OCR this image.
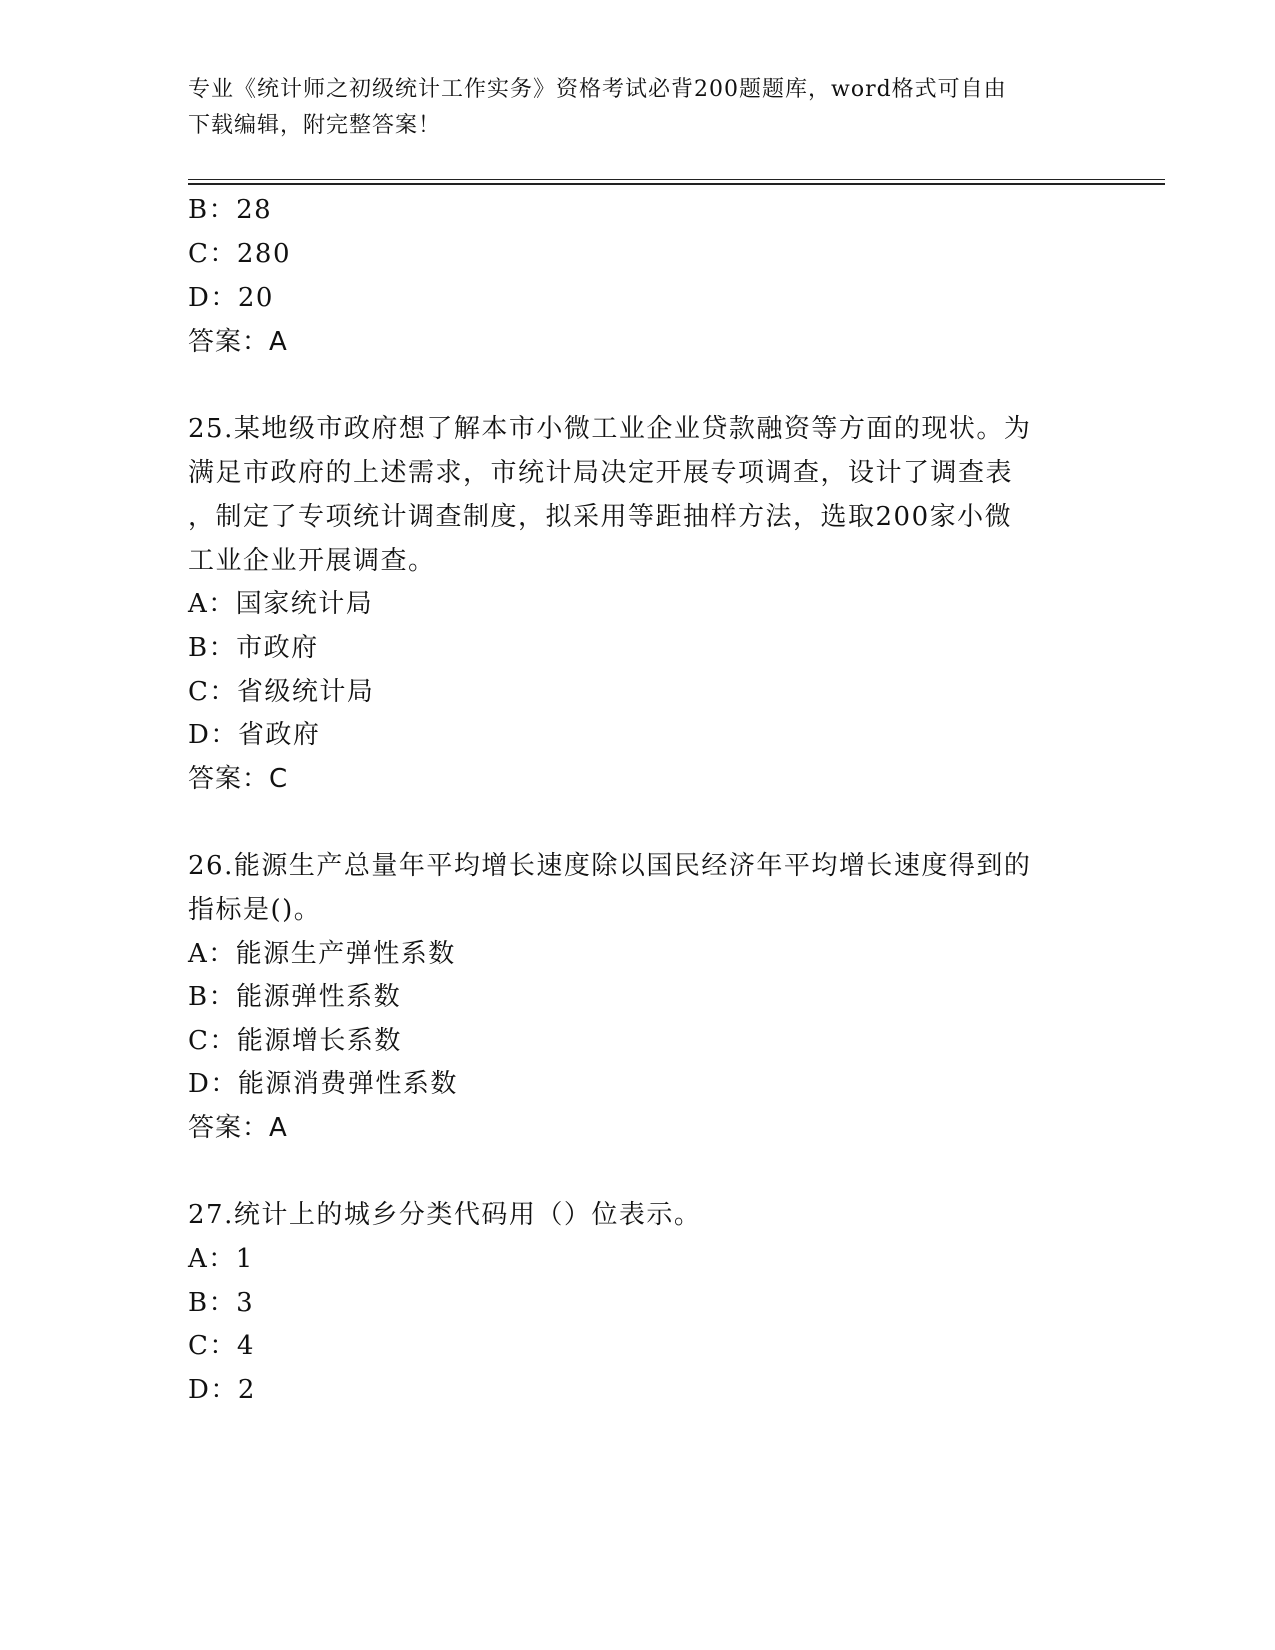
专业《统计师之初级统计工作实务》资格考试必背200题题库，word格式可自由
下载编辑，附完整答案！
B：28
C：280
D：20
答案：A
25.某地级市政府想了解本市小微工业企业贷款融资等方面的现状。为
满足市政府的上述需求，市统计局决定开展专项调查，设计了调查表
，制定了专项统计调查制度，拟采用等距抽样方法，选取200家小微
工业企业开展调查。
A：国家统计局
B：市政府
C：省级统计局
D：省政府
答案：C
26.能源生产总量年平均增长速度除以国民经济年平均增长速度得到的
指标是()。
A：能源生产弹性系数
B：能源弹性系数
C：能源增长系数
D：能源消费弹性系数
答案：A
27.统计上的城乡分类代码用（）位表示。
A：1
B：3
C：4
D：2
